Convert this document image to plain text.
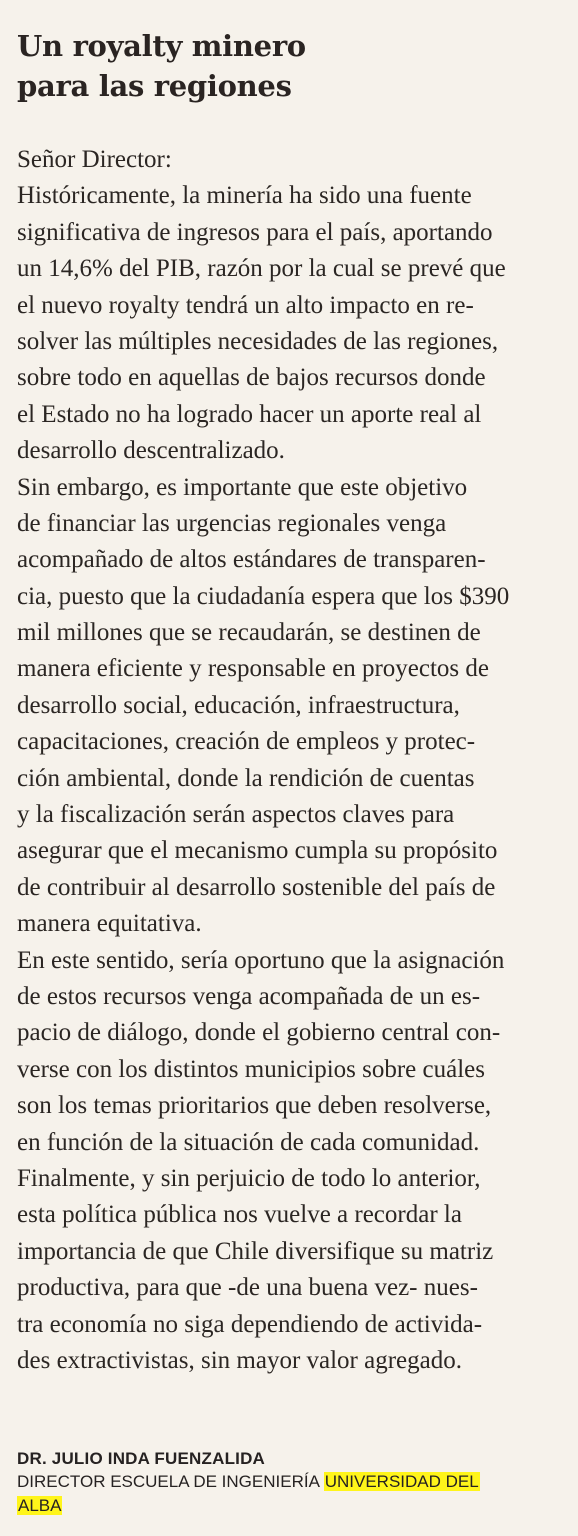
Un royalty minero
para las regiones
Señor Director:
Históricamente, la minería ha sido una fuente
significativa de ingresos para el país, aportando
un 14,6% del PIB, razón por la cual se prevé que
el nuevo royalty tendrá un alto impacto en re-
solver las múltiples necesidades de las regiones,
sobre todo en aquellas de bajos recursos donde
el Estado no ha logrado hacer un aporte real al
desarrollo descentralizado.
Sin embargo, es importante que este objetivo
de financiar las urgencias regionales venga
acompañado de altos estándares de transparen-
cia, puesto que la ciudadanía espera que los $390
mil millones que se recaudarán, se destinen de
manera eficiente y responsable en proyectos de
desarrollo social, educación, infraestructura,
capacitaciones, creación de empleos y protec-
ción ambiental, donde la rendición de cuentas
y la fiscalización serán aspectos claves para
asegurar que el mecanismo cumpla su propósito
de contribuir al desarrollo sostenible del país de
manera equitativa.
En este sentido, sería oportuno que la asignación
de estos recursos venga acompañada de un es-
pacio de diálogo, donde el gobierno central con-
verse con los distintos municipios sobre cuáles
son los temas prioritarios que deben resolverse,
en función de la situación de cada comunidad.
Finalmente, y sin perjuicio de todo lo anterior,
esta política pública nos vuelve a recordar la
importancia de que Chile diversifique su matriz
productiva, para que -de una buena vez- nues-
tra economía no siga dependiendo de activida-
des extractivistas, sin mayor valor agregado.
DR. JULIO INDA FUENZALIDA
DIRECTOR ESCUELA DE INGENIERÍA UNIVERSIDAD DEL
ALBA
